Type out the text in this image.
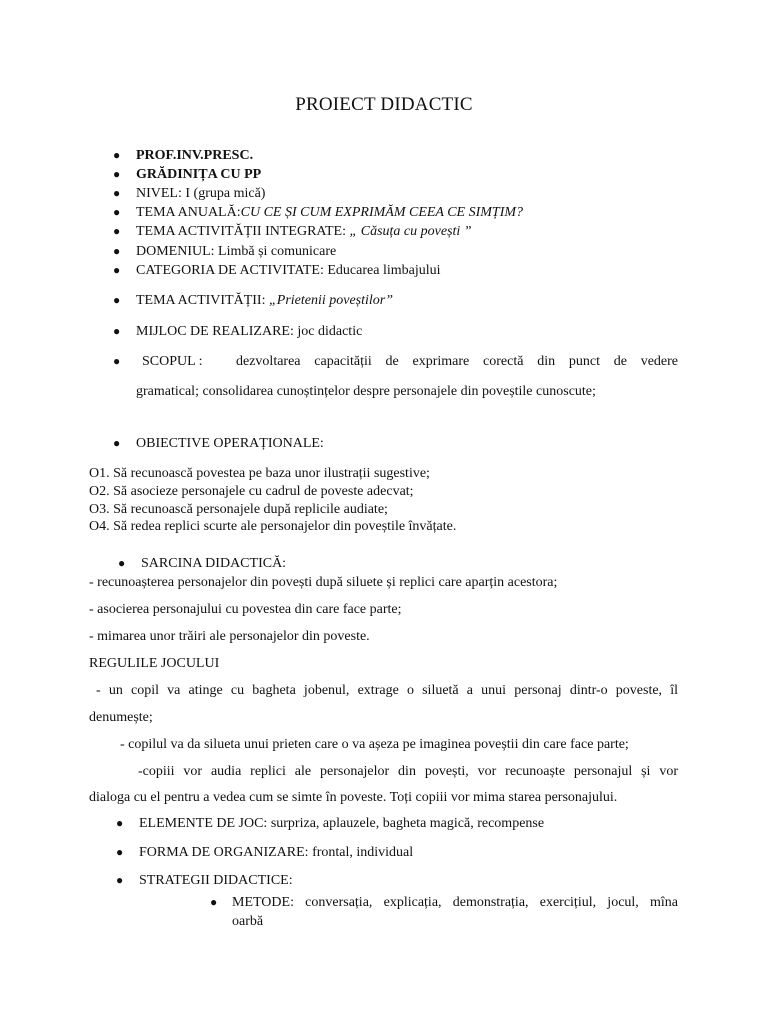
PROIECT DIDACTIC
● PROF.INV.PRESC.
● GRĂDINIȚA CU PP
● NIVEL: I (grupa mică)
● TEMA ANUALĂ:CU CE ȘI CUM EXPRIMĂM CEEA CE SIMȚIM?
● TEMA ACTIVITĂȚII INTEGRATE: „ Căsuța cu povești ”
● DOMENIUL: Limbă și comunicare
● CATEGORIA DE ACTIVITATE: Educarea limbajului
● TEMA ACTIVITĂȚII: „Prietenii poveștilor”
● MIJLOC DE REALIZARE: joc didactic
● SCOPUL : dezvoltarea capacității de exprimare corectă din punct de vedere
gramatical; consolidarea cunoștințelor despre personajele din poveștile cunoscute;
● OBIECTIVE OPERAȚIONALE:
O1. Să recunoască povestea pe baza unor ilustrații sugestive;
O2. Să asocieze personajele cu cadrul de poveste adecvat;
O3. Să recunoască personajele după replicile audiate;
O4. Să redea replici scurte ale personajelor din poveștile învățate.
● SARCINA DIDACTICĂ:
- recunoașterea personajelor din povești după siluete și replici care aparțin acestora;
- asocierea personajului cu povestea din care face parte;
- mimarea unor trăiri ale personajelor din poveste.
REGULILE JOCULUI
- un copil va atinge cu bagheta jobenul, extrage o siluetă a unui personaj dintr-o poveste, îl
denumește;
- copilul va da silueta unui prieten care o va așeza pe imaginea poveștii din care face parte;
-copiii vor audia replici ale personajelor din povești, vor recunoaște personajul și vor
dialoga cu el pentru a vedea cum se simte în poveste. Toți copiii vor mima starea personajului.
● ELEMENTE DE JOC: surpriza, aplauzele, bagheta magică, recompense
● FORMA DE ORGANIZARE: frontal, individual
● STRATEGII DIDACTICE:
● METODE: conversația, explicația, demonstrația, exercițiul, jocul, mîna
oarbă
